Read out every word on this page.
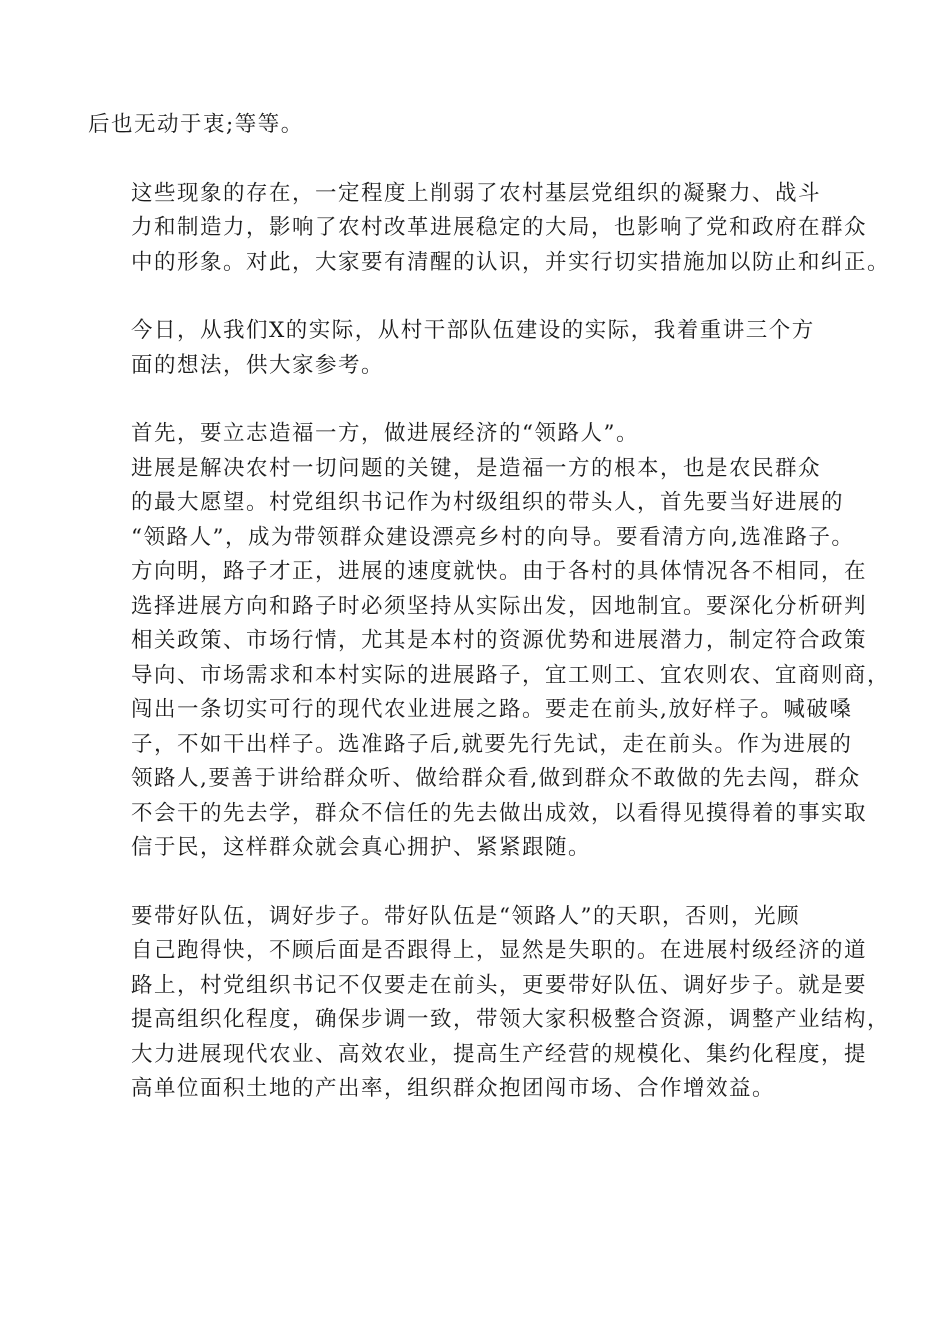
后也无动于衷;等等。

这些现象的存在，一定程度上削弱了农村基层党组织的凝聚力、战斗
力和制造力，影响了农村改革进展稳定的大局，也影响了党和政府在群众
中的形象。对此，大家要有清醒的认识，并实行切实措施加以防止和纠正。

今日，从我们X的实际，从村干部队伍建设的实际，我着重讲三个方
面的想法，供大家参考。

首先，要立志造福一方，做进展经济的“领路人”。

进展是解决农村一切问题的关键，是造福一方的根本，也是农民群众
的最大愿望。村党组织书记作为村级组织的带头人，首先要当好进展的
“领路人”，成为带领群众建设漂亮乡村的向导。要看清方向,选准路子。
方向明，路子才正，进展的速度就快。由于各村的具体情况各不相同，在
选择进展方向和路子时必须坚持从实际出发，因地制宜。要深化分析研判
相关政策、市场行情，尤其是本村的资源优势和进展潜力，制定符合政策
导向、市场需求和本村实际的进展路子，宜工则工、宜农则农、宜商则商，
闯出一条切实可行的现代农业进展之路。要走在前头,放好样子。喊破嗓
子，不如干出样子。选准路子后,就要先行先试，走在前头。作为进展的
领路人,要善于讲给群众听、做给群众看,做到群众不敢做的先去闯，群众
不会干的先去学，群众不信任的先去做出成效，以看得见摸得着的事实取
信于民，这样群众就会真心拥护、紧紧跟随。

要带好队伍，调好步子。带好队伍是“领路人”的天职，否则，光顾
自己跑得快，不顾后面是否跟得上，显然是失职的。在进展村级经济的道
路上，村党组织书记不仅要走在前头，更要带好队伍、调好步子。就是要
提高组织化程度，确保步调一致，带领大家积极整合资源，调整产业结构，
大力进展现代农业、高效农业，提高生产经营的规模化、集约化程度，提
高单位面积土地的产出率，组织群众抱团闯市场、合作增效益。
